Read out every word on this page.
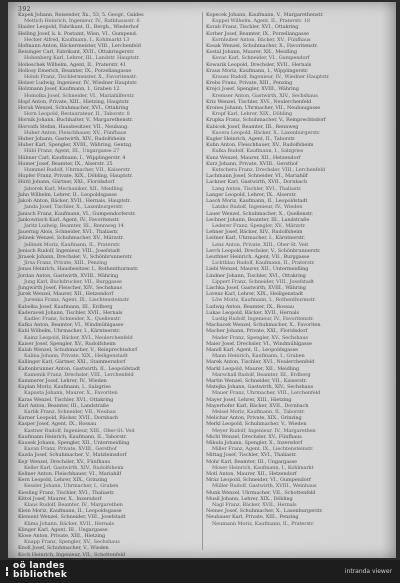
392
Kapek Johann, Reisender, Xx., 53, 5. Geogr., Galdes
Mettich Heinrich, Ingenieur, IV., Rathhausstr. 6
Haider Leopold, Fabrikant, II., Bergh., Wiederhof
Helling Josef, k. k. Postamt, Wien, VI., Gumpend.
Hecker Alfred, Kaufmann, I., Kohlmarkt 13
Hofmann Anton, Bäckermeister, VIII., Lerchenfeld
Reisinger Carl, Fabrikant, XVII., Ottakringerstr.
Hohenberg Karl, Lehrer, III., Landstr. Hauptstr.
Holleschek Wilhelm, Agent, II., Praterstr. 41
Hollosy Emerich, Beamter, IX., Porzellangasse
Holub Franz, Tischlermeister, X., Favoritenstr.
Holzer Ludwig, Ingenieur, IV., Wiedner Hauptstr.
Holzmann Josef, Kaufmann, I., Graben 12
Homolka Josef, Schneider, VI., Mariahilferstr.
Hopf Anton, Private, XIII., Hietzing, Hauptstr.
Horak Wenzel, Schuhmacher, XVI., Ottakring
Horn Leopold, Restaurateur, II., Taborstr. 8
Hornik Johann, Buchhalter, V., Margarethenstr.
Horvath Stefan, Hausbesitzer, VII., Neubaug.
Huber Anton, Fleischhauer, XV., Fünfhaus
Huber Johann, Gastwirth, XIV., Rudolfsheim
Huber Karl, Spengler, XVIII., Währing, Gentzg.
Hübl Franz, Agent, III., Ungargasse 27
Hübner Carl, Kaufmann, I., Wipplingerstr. 4
Humer Josef, Beamter, IX., Alserstr. 25
Hummel Rudolf, Uhrmacher, VII., Kaiserstr.
Hupfer Franz, Private, XIX., Döbling, Hauptstr.
Hüttl Johann, Gärtner, XXI., Floridsdorf
Jaborek Karl, Mechaniker, XII., Meidling
Jahn Wilhelm, Lehrer, II., Leopoldsgasse
Jakob Anton, Bäcker, XVII., Hernals, Hauptstr.
Janda Josef, Tischler, X., Laxenburgerstr.
Janisch Franz, Kaufmann, VI., Gumpendorferstr.
Jankowitsch Karl, Agent, IV., Favoritenstr.
Jaritz Ludwig, Beamter, III., Rennweg 14
Jauernig Alois, Schneider, XVI., Thaliastr.
Jelinek Wenzel, Schuhmacher, XV., Märzstr.
Jellinek Moriz, Kaufmann, II., Praterstr.
Jenisch Rudolf, Ingenieur, VIII., Josefstadt
Jirasek Johann, Drechsler, V., Schönbrunnerstr.
Jirsa Franz, Private, XIII., Penzing
Jonas Heinrich, Hausbesitzer, I., Rothenthurmstr.
Jordan Anton, Gastwirth, XVIII., Währing
Jung Karl, Buchdrucker, VII., Burggasse
Jungwirth Josef, Fleischer, XIV., Sechshaus
Jurek Wenzel, Maurer, XII., Hetzendorf
Jurenka Franz, Agent, IX., Liechtensteinstr.
Kabelka Josef, Kaufmann, III., Erdberg
Kaderavek Johann, Tischler, XVII., Hernals
Kadlec Franz, Schneider, X., Quellenstr.
Kafka Anton, Beamter, VI., Windmühlgasse
Kahl Wilhelm, Uhrmacher, I., Kärntnerstr.
Kainz Leopold, Bäcker, XVI., Neulerchenfeld
Kaiser Josef, Spengler, XV., Rudolfsheim
Kalab Wenzel, Schuhmacher, V., Reinprechtsdorf
Kalina Johann, Private, XIX., Heiligenstadt
Kallinger Karl, Gärtner, XXI., Stammersdorf
Kaltenbrunner Anton, Gastwirth, II., Leopoldstadt
Kamenik Franz, Drechsler, VIII., Lerchenfeld
Kammerer Josef, Lehrer, IV., Wieden
Kaplan Moriz, Kaufmann, I., Salzgries
Kapusta Johann, Maurer, X., Favoriten
Karas Wenzel, Tischler, XVI., Ottakring
Karl Anton, Beamter, III., Landstraße
Karlik Franz, Schneider, VII., Neubau
Karner Leopold, Bäcker, XVII., Dornbach
Kasper Josef, Agent, IX., Rossau
Kastner Rudolf, Ingenieur, XIII., Ober-St. Veit
Kaufmann Heinrich, Kaufmann, II., Taborstr.
Kausek Johann, Spengler, XII., Untermeidling
Kavan Franz, Private, XVIII., Gersthof
Kazda Josef, Schuhmacher, V., Matzleinsdorf
Kejr Wenzel, Drechsler, XV., Fünfhaus
Keller Karl, Gastwirth, XIV., Rudolfsheim
Kellner Anton, Fleischhauer, VI., Mariahilf
Kern Leopold, Lehrer, XIX., Grinzing
Kessler Johann, Uhrmacher, I., Graben
Kiesling Franz, Tischler, XVI., Thaliastr.
Kittel Josef, Maurer, X., Inzersdorf
Klaus Rudolf, Beamter, IV., Margarethen
Klein Moriz, Kaufmann, II., Leopoldsgasse
Klement Wenzel, Schneider, VIII., Josefstadt
Klima Johann, Bäcker, XVII., Hernals
Klinger Karl, Agent, III., Ungargasse
Klose Anton, Private, XIII., Hietzing
Knapp Franz, Spengler, XV., Sechshaus
Knoll Josef, Schuhmacher, V., Wieden
Koch Heinrich, Ingenieur, VII., Schottenfeld
Kopecek Johann, Kaufmann, V., Margarethenstr.
Koppel Wilhelm, Agent, II., Praterstr. 18
Korab Franz, Tischler, XVI., Ottakring
Korber Josef, Beamter, IX., Porzellangasse
Kornhuber Anton, Bäcker, XV., Fünfhaus
Kosak Wenzel, Schuhmacher, X., Favoritenstr.
Kostal Johann, Maurer, XII., Meidling
Kovac Karl, Schneider, VI., Gumpendorf
Kowarik Leopold, Drechsler, XVII., Hernals
Kraus Moriz, Kaufmann, I., Wipplingerstr.
Krausz Rudolf, Ingenieur, IV., Wiedner Hauptstr.
Krebs Franz, Private, XIII., Penzing
Krejci Josef, Spengler, XVIII., Währing
Kremser Anton, Gastwirth, XIV., Sechshaus
Kriz Wenzel, Tischler, XVI., Neulerchenfeld
Krones Johann, Uhrmacher, VII., Neubaugasse
Kropf Karl, Lehrer, XIX., Döbling
Krupka Franz, Schuhmacher, V., Reinprechtsdorf
Kubicek Josef, Beamter, III., Rennweg
Kucera Leopold, Bäcker, X., Laxenburgerstr.
Kugler Heinrich, Agent, II., Taborstr.
Kuhn Anton, Fleischhauer, XV., Rudolfsheim
Kulka Rudolf, Kaufmann, I., Salzgries
Kunz Wenzel, Maurer, XII., Hetzendorf
Kurz Johann, Private, XVIII., Gersthof
Kutschera Franz, Drechsler, VIII., Lerchenfeld
Lachmann Josef, Schneider, VI., Mariahilf
Lackner Karl, Gastwirth, XVII., Dornbach
Lang Anton, Tischler, XVI., Thaliastr.
Langer Leopold, Lehrer, IX., Alserstr.
Lasch Moriz, Kaufmann, II., Leopoldstadt
Latzko Rudolf, Ingenieur, IV., Wieden
Lauer Wenzel, Schuhmacher, X., Quellenstr.
Lechner Johann, Beamter, III., Landstraße
Lederer Franz, Spengler, XV., Märzstr.
Lehner Josef, Bäcker, XIV., Rudolfsheim
Leitner Karl, Uhrmacher, I., Kärntnerstr.
Lenz Anton, Private, XIII., Ober-St. Veit
Lerch Leopold, Drechsler, V., Schönbrunnerstr.
Leuthner Heinrich, Agent, VII., Burggasse
Lichtblau Rudolf, Kaufmann, II., Praterstr.
Liebl Wenzel, Maurer, XII., Untermeidling
Lindner Johann, Tischler, XVI., Ottakring
Lippert Franz, Schneider, VIII., Josefstadt
Lischka Josef, Gastwirth, XVIII., Währing
Lorenz Karl, Lehrer, XIX., Heiligenstadt
Löw Moriz, Kaufmann, I., Rothenthurmstr.
Ludwig Anton, Beamter, IX., Rossau
Lukas Leopold, Bäcker, XVII., Hernals
Lustig Rudolf, Ingenieur, IV., Favoritenstr.
Machacek Wenzel, Schuhmacher, X., Favoriten
Macher Johann, Private, XXI., Floridsdorf
Mader Franz, Spengler, XV., Sechshaus
Maier Josef, Drechsler, VI., Windmühlgasse
Mandl Karl, Agent, II., Leopoldsgasse
Mann Heinrich, Kaufmann, I., Graben
Marek Anton, Tischler, XVI., Neulerchenfeld
Markl Leopold, Maurer, XII., Meidling
Marschall Rudolf, Beamter, III., Erdberg
Martin Wenzel, Schneider, VII., Kaiserstr.
Matejka Johann, Gastwirth, XIV., Sechshaus
Mauer Franz, Uhrmacher, VIII., Lerchenfeld
Mayer Josef, Lehrer, XIII., Hietzing
Mayerhofer Karl, Bäcker, XVII., Dornbach
Meisel Moriz, Kaufmann, II., Taborstr.
Melichar Anton, Private, XIX., Grinzing
Merkl Leopold, Schuhmacher, V., Wieden
Meyer Rudolf, Ingenieur, IV., Margarethen
Michl Wenzel, Drechsler, XV., Fünfhaus
Mikula Johann, Spengler, X., Inzersdorf
Miller Franz, Agent, IX., Liechtensteinstr.
Mittag Josef, Tischler, XVI., Thaliastr.
Mohr Karl, Beamter, III., Ungargasse
Moser Heinrich, Kaufmann, I., Kohlmarkt
Motl Anton, Maurer, XII., Hetzendorf
Mráz Leopold, Schneider, VI., Gumpendorf
Müller Rudolf, Gastwirth, XVIII., Weinhaus
Munk Wenzel, Uhrmacher, VII., Schottenfeld
Musil Johann, Lehrer, XIX., Döbling
Nagl Franz, Bäcker, XVII., Hernals
Nemec Josef, Schuhmacher, X., Laxenburgerstr.
Neubauer Karl, Private, XIII., Penzing
Neumann Moriz, Kaufmann, II., Praterstr.
oö landes
bibliothek	intranda viewer
